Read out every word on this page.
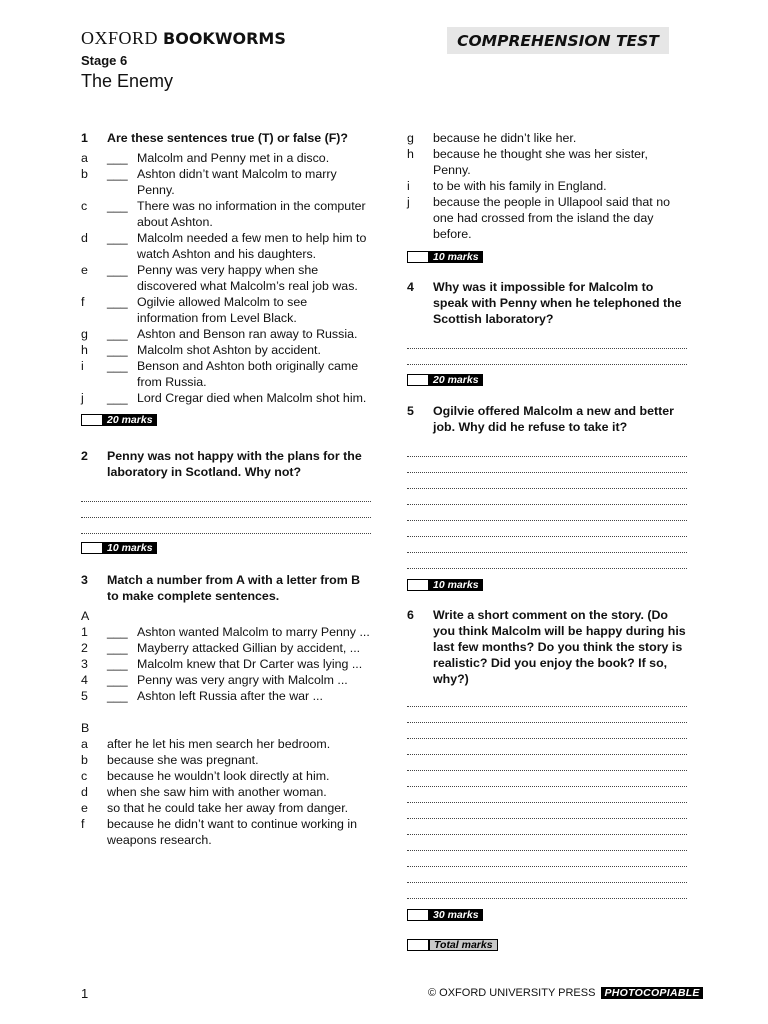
OXFORD BOOKWORMS
Stage 6
The Enemy
COMPREHENSION TEST
1	Are these sentences true (T) or false (F)?
a	___ Malcolm and Penny met in a disco.
b	___ Ashton didn’t want Malcolm to marry Penny.
c	___ There was no information in the computer about Ashton.
d	___ Malcolm needed a few men to help him to watch Ashton and his daughters.
e	___ Penny was very happy when she discovered what Malcolm’s real job was.
f	___ Ogilvie allowed Malcolm to see information from Level Black.
g	___ Ashton and Benson ran away to Russia.
h	___ Malcolm shot Ashton by accident.
i	___ Benson and Ashton both originally came from Russia.
j	___ Lord Cregar died when Malcolm shot him.
20 marks
2	Penny was not happy with the plans for the laboratory in Scotland. Why not?
10 marks
3	Match a number from A with a letter from B to make complete sentences.
A
1	___ Ashton wanted Malcolm to marry Penny ...
2	___ Mayberry attacked Gillian by accident, ...
3	___ Malcolm knew that Dr Carter was lying ...
4	___ Penny was very angry with Malcolm ...
5	___ Ashton left Russia after the war ...
B
a	after he let his men search her bedroom.
b	because she was pregnant.
c	because he wouldn’t look directly at him.
d	when she saw him with another woman.
e	so that he could take her away from danger.
f	because he didn’t want to continue working in weapons research.
g	because he didn’t like her.
h	because he thought she was her sister, Penny.
i	to be with his family in England.
j	because the people in Ullapool said that no one had crossed from the island the day before.
10 marks
4	Why was it impossible for Malcolm to speak with Penny when he telephoned the Scottish laboratory?
20 marks
5	Ogilvie offered Malcolm a new and better job. Why did he refuse to take it?
10 marks
6	Write a short comment on the story. (Do you think Malcolm will be happy during his last few months? Do you think the story is realistic? Did you enjoy the book? If so, why?)
30 marks
Total marks
1	© OXFORD UNIVERSITY PRESS PHOTOCOPIABLE
